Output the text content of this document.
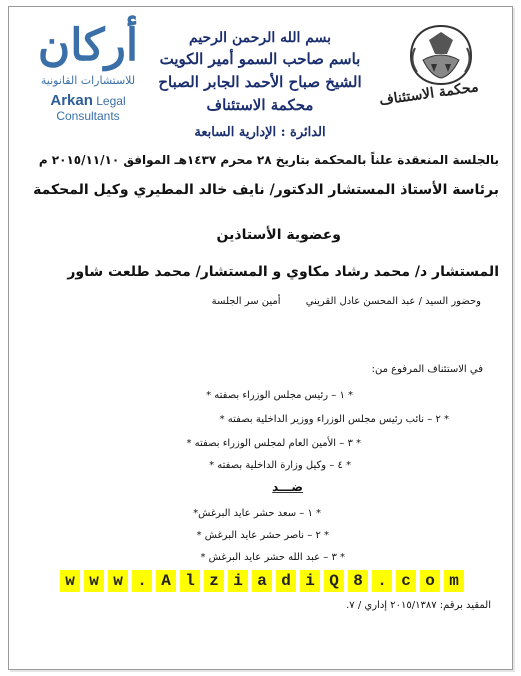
أركان
للاستشارات القانونية
Arkan Legal Consultants
محكمة الاستئناف
بسم الله الرحمن الرحيم
باسم صاحب السمو أمير الكويت
الشيخ صباح الأحمد الجابر الصباح
محكمة الاستئناف
الدائرة : الإدارية السابعة
بالجلسة المنعقدة علناً بالمحكمة بتاريخ ٢٨ محرم ١٤٣٧هـ الموافق ٢٠١٥/١١/١٠ م
برئاسة الأستاذ المستشار الدكتور/ نايف خالد المطيري وكيل المحكمة
وعضوية الأستاذين
المستشار د/ محمد رشاد مكاوي و المستشار/ محمد طلعت شاور
وحضور السيد / عبد المحسن عادل القريني أمين سر الجلسة
في الاستئناف المرفوع من:
* ١ – رئيس مجلس الوزراء بصفته *
* ٢ – نائب رئيس مجلس الوزراء ووزير الداخلية بصفته *
* ٣ – الأمين العام لمجلس الوزراء بصفته *
* ٤ – وكيل وزارة الداخلية بصفته *
ضـــد
* ١ – سعد حشر عايد البرغش*
* ٢ – ناصر حشر عايد البرغش *
* ٣ – عبد الله حشر عايد البرغش *
w w w . A l z i a d i Q 8 . c o m
المقيد برقم: ٢٠١٥/١٣٨٧ إداري / ٧.
